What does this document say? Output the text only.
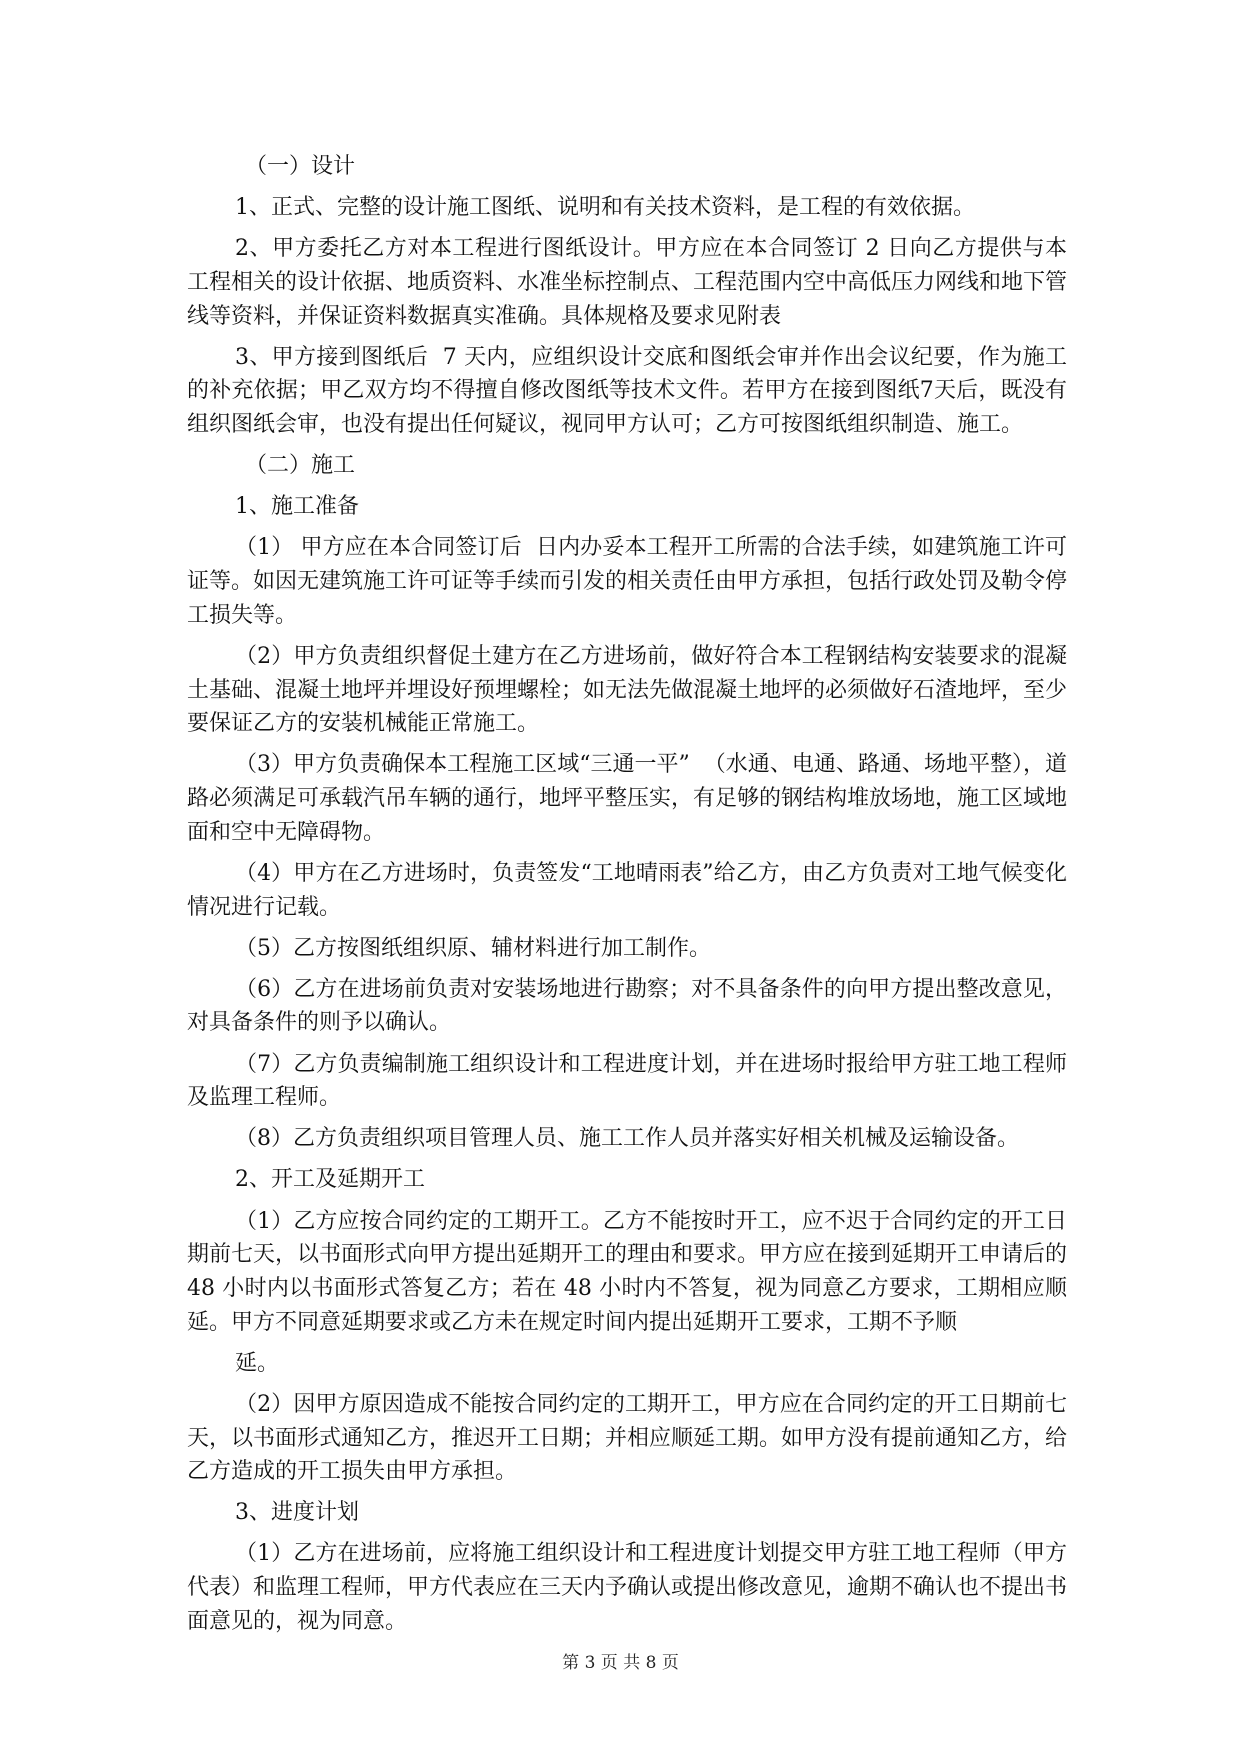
（一）设计

1、正式、完整的设计施工图纸、说明和有关技术资料，是工程的有效依据。

2、甲方委托乙方对本工程进行图纸设计。甲方应在本合同签订 2 日向乙方提供与本工程相关的设计依据、地质资料、水准坐标控制点、工程范围内空中高低压力网线和地下管线等资料，并保证资料数据真实准确。具体规格及要求见附表

3、甲方接到图纸后  7 天内，应组织设计交底和图纸会审并作出会议纪要，作为施工的补充依据；甲乙双方均不得擅自修改图纸等技术文件。若甲方在接到图纸7天后，既没有组织图纸会审，也没有提出任何疑议，视同甲方认可；乙方可按图纸组织制造、施工。

（二）施工

1、施工准备

（1） 甲方应在本合同签订后  日内办妥本工程开工所需的合法手续，如建筑施工许可证等。如因无建筑施工许可证等手续而引发的相关责任由甲方承担，包括行政处罚及勒令停工损失等。

（2）甲方负责组织督促土建方在乙方进场前，做好符合本工程钢结构安装要求的混凝土基础、混凝土地坪并埋设好预埋螺栓；如无法先做混凝土地坪的必须做好石渣地坪，至少要保证乙方的安装机械能正常施工。

（3）甲方负责确保本工程施工区域“三通一平”  （水通、电通、路通、场地平整），道路必须满足可承载汽吊车辆的通行，地坪平整压实，有足够的钢结构堆放场地，施工区域地面和空中无障碍物。

（4）甲方在乙方进场时，负责签发“工地晴雨表”给乙方，由乙方负责对工地气候变化情况进行记载。

（5）乙方按图纸组织原、辅材料进行加工制作。

（6）乙方在进场前负责对安装场地进行勘察；对不具备条件的向甲方提出整改意见，对具备条件的则予以确认。

（7）乙方负责编制施工组织设计和工程进度计划，并在进场时报给甲方驻工地工程师及监理工程师。

（8）乙方负责组织项目管理人员、施工工作人员并落实好相关机械及运输设备。

2、开工及延期开工

（1）乙方应按合同约定的工期开工。乙方不能按时开工，应不迟于合同约定的开工日期前七天，以书面形式向甲方提出延期开工的理由和要求。甲方应在接到延期开工申请后的 48 小时内以书面形式答复乙方；若在 48 小时内不答复，视为同意乙方要求，工期相应顺延。甲方不同意延期要求或乙方未在规定时间内提出延期开工要求，工期不予顺

延。

（2）因甲方原因造成不能按合同约定的工期开工，甲方应在合同约定的开工日期前七天，以书面形式通知乙方，推迟开工日期；并相应顺延工期。如甲方没有提前通知乙方，给乙方造成的开工损失由甲方承担。

3、进度计划

（1）乙方在进场前，应将施工组织设计和工程进度计划提交甲方驻工地工程师（甲方代表）和监理工程师，甲方代表应在三天内予确认或提出修改意见，逾期不确认也不提出书面意见的，视为同意。

第 3 页 共 8 页
